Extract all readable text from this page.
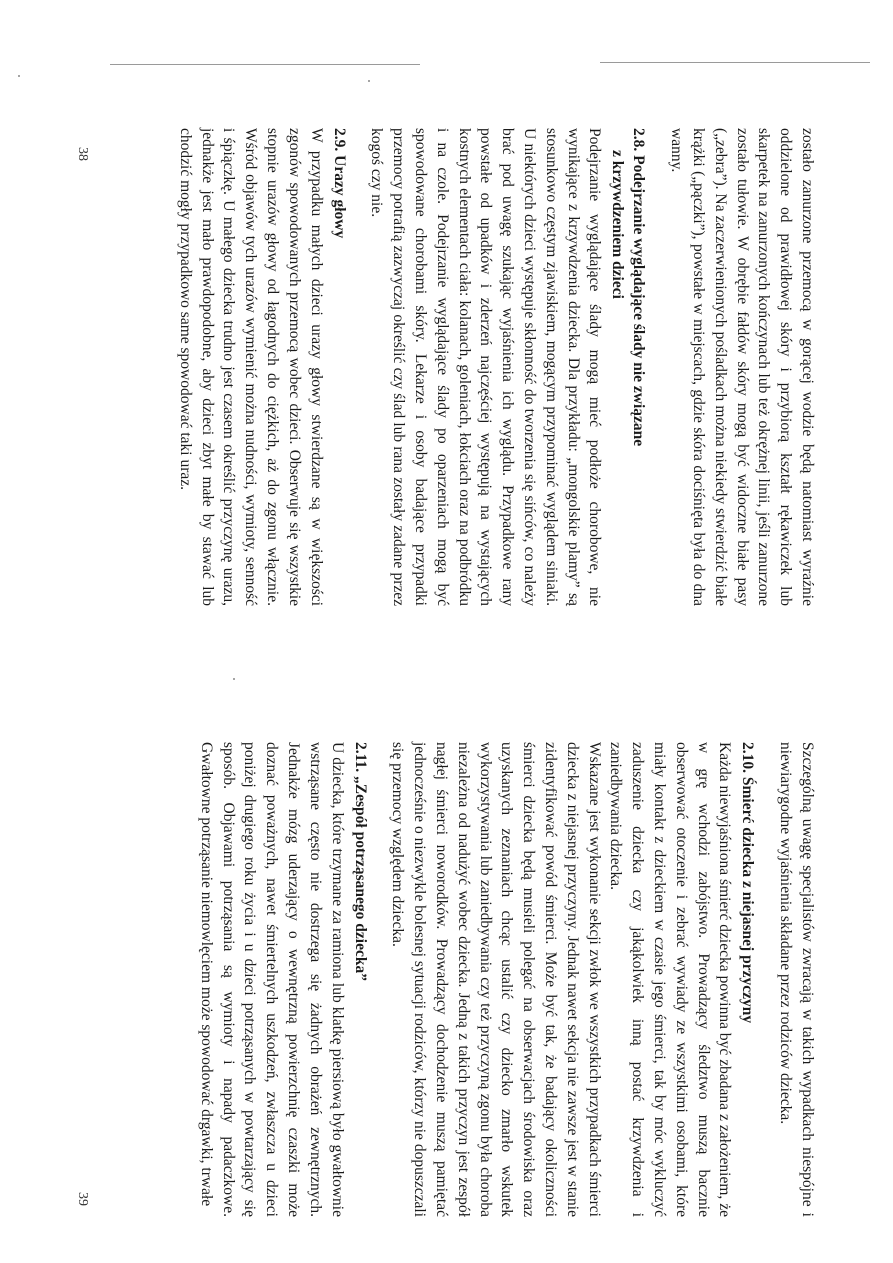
zostało zanurzone przemocą w gorącej wodzie będą natomiast wyraźnie oddzielone od prawidłowej skóry i przybiorą kształt rękawiczek lub skarpetek na zanurzonych kończynach lub też okrężnej linii, jeśli zanurzone zostało tułowie. W obrębie fałdów skóry mogą być widoczne białe pasy („zebra”). Na zaczerwienionych pośladkach można niekiedy stwierdzić białe krążki („pączki”), powstałe w miejscach, gdzie skóra dociśnięta była do dna wanny.

2.8. Podejrzanie wyglądające ślady nie związane
z krzywdzeniem dzieci

Podejrzanie wyglądające ślady mogą mieć podłoże chorobowe, nie wynikające z krzywdzenia dziecka. Dla przykładu: „mongolskie plamy” są stosunkowo częstym zjawiskiem, mogącym przypominać wyglądem siniaki. U niektórych dzieci występuje skłonność do tworzenia się sińców, co należy brać pod uwagę szukając wyjaśnienia ich wyglądu. Przypadkowe rany powstałe od upadków i zderzeń najczęściej występują na wystających kostnych elementach ciała: kolanach, goleniach, łokciach oraz na podbródku i na czole. Podejrzanie wyglądające ślady po oparzeniach mogą być spowodowane chorobami skóry. Lekarze i osoby badające przypadki przemocy potrafią zazwyczaj określić czy ślad lub rana zostały zadane przez kogoś czy nie.

2.9. Urazy głowy

W przypadku małych dzieci urazy głowy stwierdzane są w większości zgonów spowodowanych przemocą wobec dzieci. Obserwuje się wszystkie stopnie urazów głowy od łagodnych do ciężkich, aż do zgonu włącznie. Wśród objawów tych urazów wymienić można nudności, wymioty, senność i śpiączkę. U małego dziecka trudno jest czasem określić przyczynę urazu, jednakże jest mało prawdopodobne, aby dzieci zbyt małe by stawać lub chodzić mogły przypadkowo same spowodować taki uraz.

Szczególną uwagę specjalistów zwracają w takich wypadkach niespójne i niewiarygodne wyjaśnienia składane przez rodziców dziecka.

2.10. Śmierć dziecka z niejasnej przyczyny

Każda niewyjaśniona śmierć dziecka powinna być zbadana z założeniem, że w grę wchodzi zabójstwo. Prowadzący śledztwo muszą bacznie obserwować otoczenie i zebrać wywiady ze wszystkimi osobami, które miały kontakt z dzieckiem w czasie jego śmierci, tak by móc wykluczyć zaduszenie dziecka czy jakąkolwiek inną postać krzywdzenia i zaniedbywania dziecka.

Wskazane jest wykonanie sekcji zwłok we wszystkich przypadkach śmierci dziecka z niejasnej przyczyny. Jednak nawet sekcja nie zawsze jest w stanie zidentyfikować powód śmierci. Może być tak, że badający okoliczności śmierci dziecka będą musieli polegać na obserwacjach środowiska oraz uzyskanych zeznaniach chcąc ustalić czy dziecko zmarło wskutek wykorzystywania lub zaniedbywania czy też przyczyną zgonu była choroba niezależna od nadużyć wobec dziecka. Jedną z takich przyczyn jest zespół nagłej śmierci noworodków. Prowadzący dochodzenie muszą pamiętać jednocześnie o niezwykle bolesnej sytuacji rodziców, którzy nie dopuszczali się przemocy względem dziecka.

2.11. „Zespół potrząsanego dziecka”

U dziecka, które trzymane za ramiona lub klatkę piersiową było gwałtownie wstrząsane często nie dostrzega się żadnych obrażeń zewnętrznych. Jednakże mózg uderzający o wewnętrzną powierzchnię czaszki może doznać poważnych, nawet śmiertelnych uszkodzeń, zwłaszcza u dzieci poniżej drugiego roku życia i u dzieci potrząsanych w powtarzający się sposób. Objawami potrząsania są wymioty i napady padaczkowe. Gwałtowne potrząsanie niemowlęciem może spowodować drgawki, trwałe

38
39
